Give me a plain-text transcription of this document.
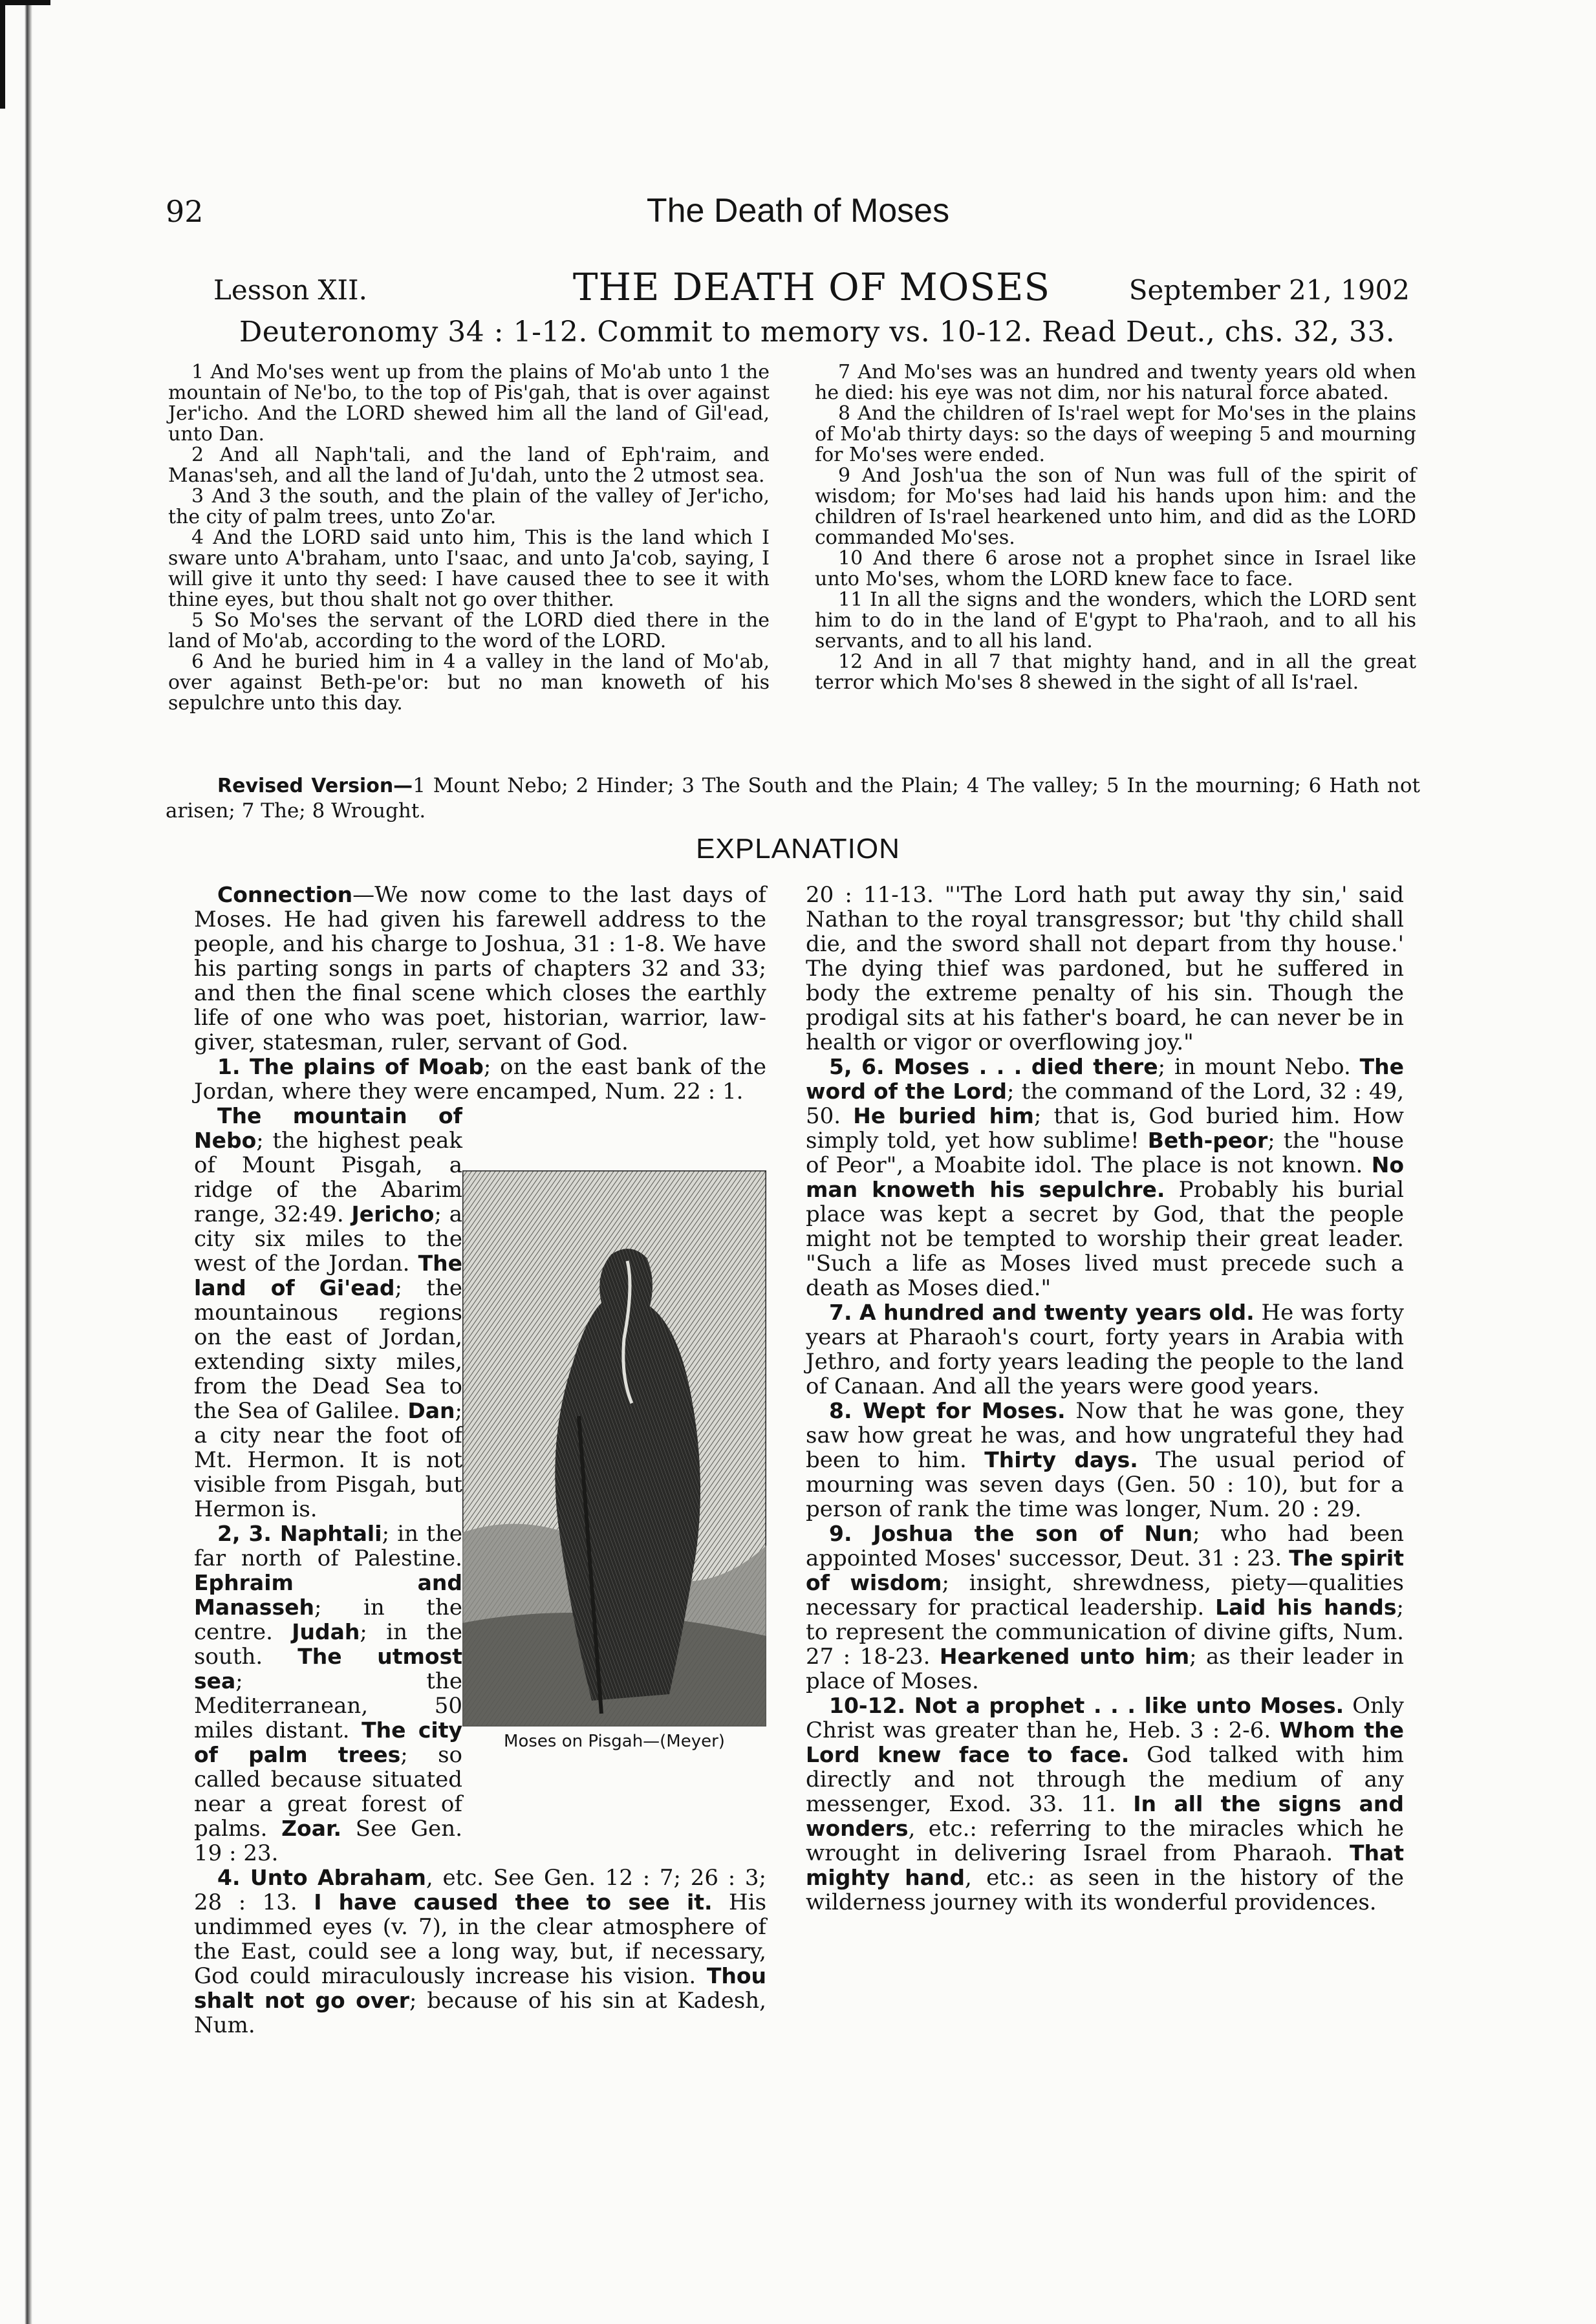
92	The Death of Moses
THE DEATH OF MOSES
Lesson XII.	September 21, 1902
Deuteronomy 34 : 1-12. Commit to memory vs. 10-12. Read Deut., chs. 32, 33.

1 And Mo'ses went up from the plains of Mo'ab unto 1 the mountain of Ne'bo, to the top of Pis'gah, that is over against Jer'icho. And the LORD shewed him all the land of Gil'ead, unto Dan.

2 And all Naph'tali, and the land of Eph'raim, and Manas'seh, and all the land of Ju'dah, unto the 2 utmost sea.

3 And 3 the south, and the plain of the valley of Jer'icho, the city of palm trees, unto Zo'ar.

4 And the LORD said unto him, This is the land which I sware unto A'braham, unto I'saac, and unto Ja'cob, saying, I will give it unto thy seed: I have caused thee to see it with thine eyes, but thou shalt not go over thither.

5 So Mo'ses the servant of the LORD died there in the land of Mo'ab, according to the word of the LORD.

6 And he buried him in 4 a valley in the land of Mo'ab, over against Beth-pe'or: but no man knoweth of his sepulchre unto this day.

7 And Mo'ses was an hundred and twenty years old when he died: his eye was not dim, nor his natural force abated.

8 And the children of Is'rael wept for Mo'ses in the plains of Mo'ab thirty days: so the days of weeping 5 and mourning for Mo'ses were ended.

9 And Josh'ua the son of Nun was full of the spirit of wisdom; for Mo'ses had laid his hands upon him: and the children of Is'rael hearkened unto him, and did as the LORD commanded Mo'ses.

10 And there 6 arose not a prophet since in Israel like unto Mo'ses, whom the LORD knew face to face.

11 In all the signs and the wonders, which the LORD sent him to do in the land of E'gypt to Pha'raoh, and to all his servants, and to all his land.

12 And in all 7 that mighty hand, and in all the great terror which Mo'ses 8 shewed in the sight of all Is'rael.

Revised Version—1 Mount Nebo; 2 Hinder; 3 The South and the Plain; 4 The valley; 5 In the mourning; 6 Hath not arisen; 7 The; 8 Wrought.
EXPLANATION

Connection—We now come to the last days of Moses. He had given his farewell address to the people, and his charge to Joshua, 31 : 1-8. We have his parting songs in parts of chapters 32 and 33; and then the final scene which closes the earthly life of one who was poet, historian, warrior, law-giver, statesman, ruler, servant of God.

1. The plains of Moab; on the east bank of the Jordan, where they were encamped, Num. 22 : 1.

The mountain of Nebo; the highest peak of Mount Pisgah, a ridge of the Abarim range, 32:49. Jericho; a city six miles to the west of the Jordan. The land of Gi'ead; the mountainous regions on the east of Jordan, extending sixty miles, from the Dead Sea to the Sea of Galilee. Dan; a city near the foot of Mt. Hermon. It is not visible from Pisgah, but Hermon is.

2, 3. Naphtali; in the far north of Palestine. Ephraim and Manasseh; in the centre. Judah; in the south. The utmost sea; the Mediterranean, 50 miles distant. The city of palm trees; so called because situated near a great forest of palms. Zoar. See Gen. 19 : 23.

4. Unto Abraham, etc. See Gen. 12 : 7; 26 : 3; 28 : 13. I have caused thee to see it. His undimmed eyes (v. 7), in the clear atmosphere of the East, could see a long way, but, if necessary, God could miraculously increase his vision. Thou shalt not go over; because of his sin at Kadesh, Num.

Moses on Pisgah—(Meyer)

20 : 11-13. "'The Lord hath put away thy sin,' said Nathan to the royal transgressor; but 'thy child shall die, and the sword shall not depart from thy house.' The dying thief was pardoned, but he suffered in body the extreme penalty of his sin. Though the prodigal sits at his father's board, he can never be in health or vigor or overflowing joy."

5, 6. Moses . . . died there; in mount Nebo. The word of the Lord; the command of the Lord, 32 : 49, 50. He buried him; that is, God buried him. How simply told, yet how sublime! Beth-peor; the "house of Peor", a Moabite idol. The place is not known. No man knoweth his sepulchre. Probably his burial place was kept a secret by God, that the people might not be tempted to worship their great leader. "Such a life as Moses lived must precede such a death as Moses died."

7. A hundred and twenty years old. He was forty years at Pharaoh's court, forty years in Arabia with Jethro, and forty years leading the people to the land of Canaan. And all the years were good years.

8. Wept for Moses. Now that he was gone, they saw how great he was, and how ungrateful they had been to him. Thirty days. The usual period of mourning was seven days (Gen. 50 : 10), but for a person of rank the time was longer, Num. 20 : 29.

9. Joshua the son of Nun; who had been appointed Moses' successor, Deut. 31 : 23. The spirit of wisdom; insight, shrewdness, piety—qualities necessary for practical leadership. Laid his hands; to represent the communication of divine gifts, Num. 27 : 18-23. Hearkened unto him; as their leader in place of Moses.

10-12. Not a prophet . . . like unto Moses. Only Christ was greater than he, Heb. 3 : 2-6. Whom the Lord knew face to face. God talked with him directly and not through the medium of any messenger, Exod. 33. 11. In all the signs and wonders, etc.: referring to the miracles which he wrought in delivering Israel from Pharaoh. That mighty hand, etc.: as seen in the history of the wilderness journey with its wonderful providences.
